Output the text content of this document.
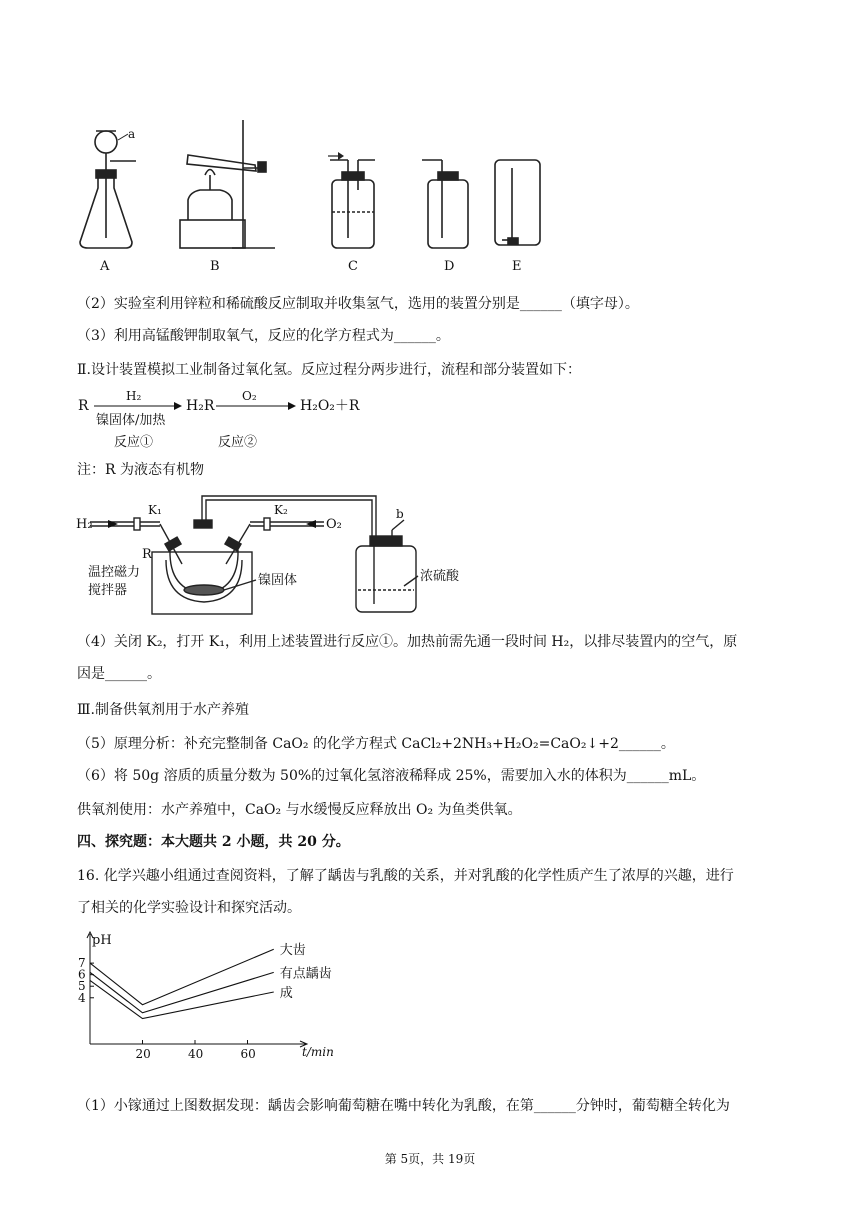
a
A	B	C	D	E
（2）实验室利用锌粒和稀硫酸反应制取并收集氢气，选用的装置分别是______（填字母）。
（3）利用高锰酸钾制取氧气，反应的化学方程式为______。
Ⅱ.设计装置模拟工业制备过氧化氢。反应过程分两步进行，流程和部分装置如下：
R
H₂
镍固体/加热
H₂R
O₂
H₂O₂＋R
反应①	反应②
注：R 为液态有机物
H₂
K₁	K₂
O₂
b
R
温控磁力
搅拌器
镍固体	浓硫酸
（4）关闭 K₂，打开 K₁，利用上述装置进行反应①。加热前需先通一段时间 H₂，以排尽装置内的空气，原
因是______。
Ⅲ.制备供氧剂用于水产养殖
（5）原理分析：补充完整制备 CaO₂ 的化学方程式 CaCl₂+2NH₃+H₂O₂=CaO₂↓+2______。
（6）将 50g 溶质的质量分数为 50%的过氧化氢溶液稀释成 25%，需要加入水的体积为______mL。
供氧剂使用：水产养殖中，CaO₂ 与水缓慢反应释放出 O₂ 为鱼类供氧。
四、探究题：本大题共 2 小题，共 20 分。
16. 化学兴趣小组通过查阅资料，了解了龋齿与乳酸的关系，并对乳酸的化学性质产生了浓厚的兴趣，进行
了相关的化学实验设计和探究活动。
20	40	60
4
5
6
7
大齿
有点龋齿
成
pH
t/min
（1）小镓通过上图数据发现：龋齿会影响葡萄糖在嘴中转化为乳酸，在第______分钟时，葡萄糖全转化为
第 5页，共 19页
